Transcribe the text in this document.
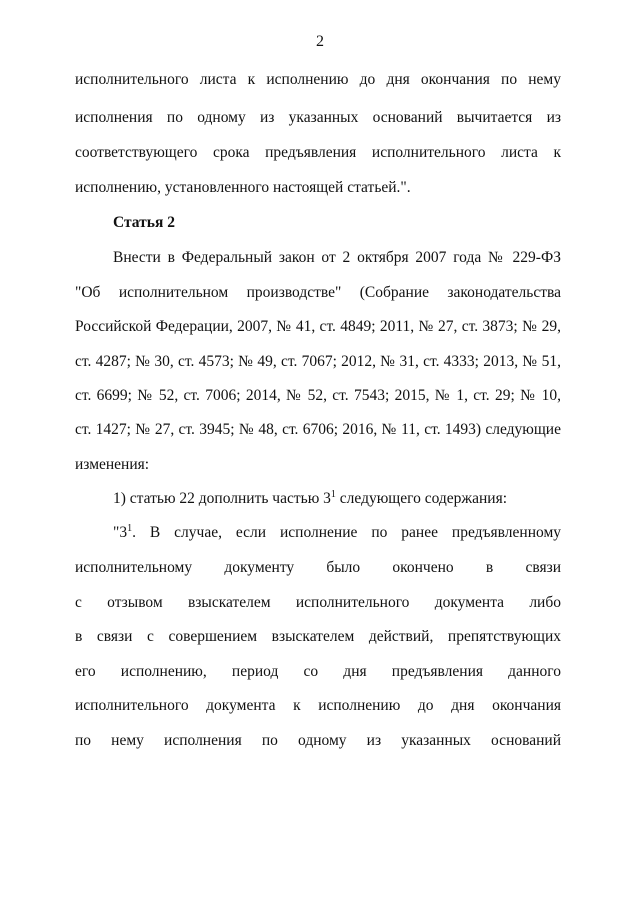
2
исполнительного листа к исполнению до дня окончания по нему
исполнения по одному из указанных оснований вычитается из
соответствующего срока предъявления исполнительного листа к
исполнению, установленного настоящей статьей.".
Статья 2
Внести в Федеральный закон от 2 октября 2007 года № 229-ФЗ
"Об исполнительном производстве" (Собрание законодательства
Российской Федерации, 2007, № 41, ст. 4849; 2011, № 27, ст. 3873; № 29,
ст. 4287; № 30, ст. 4573; № 49, ст. 7067; 2012, № 31, ст. 4333; 2013, № 51,
ст. 6699; № 52, ст. 7006; 2014, № 52, ст. 7543; 2015, № 1, ст. 29; № 10,
ст. 1427; № 27, ст. 3945; № 48, ст. 6706; 2016, № 11, ст. 1493) следующие
изменения:
1) статью 22 дополнить частью $3^1$ следующего содержания:
"$3^1$. В случае, если исполнение по ранее предъявленному
исполнительному документу было окончено в связи
с отзывом взыскателем исполнительного документа либо
в связи с совершением взыскателем действий, препятствующих
его исполнению, период со дня предъявления данного
исполнительного документа к исполнению до дня окончания
по нему исполнения по одному из указанных оснований
